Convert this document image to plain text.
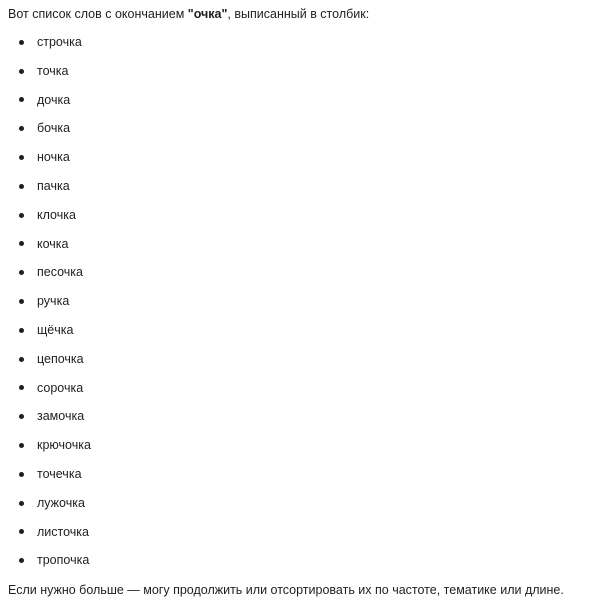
Вот список слов с окончанием "очка", выписанный в столбик:

строчка
точка
дочка
бочка
ночка
пачка
клочка
кочка
песочка
ручка
щёчка
цепочка
сорочка
замочка
крючочка
точечка
лужочка
листочка
тропочка

Если нужно больше — могу продолжить или отсортировать их по частоте, тематике или длине.
